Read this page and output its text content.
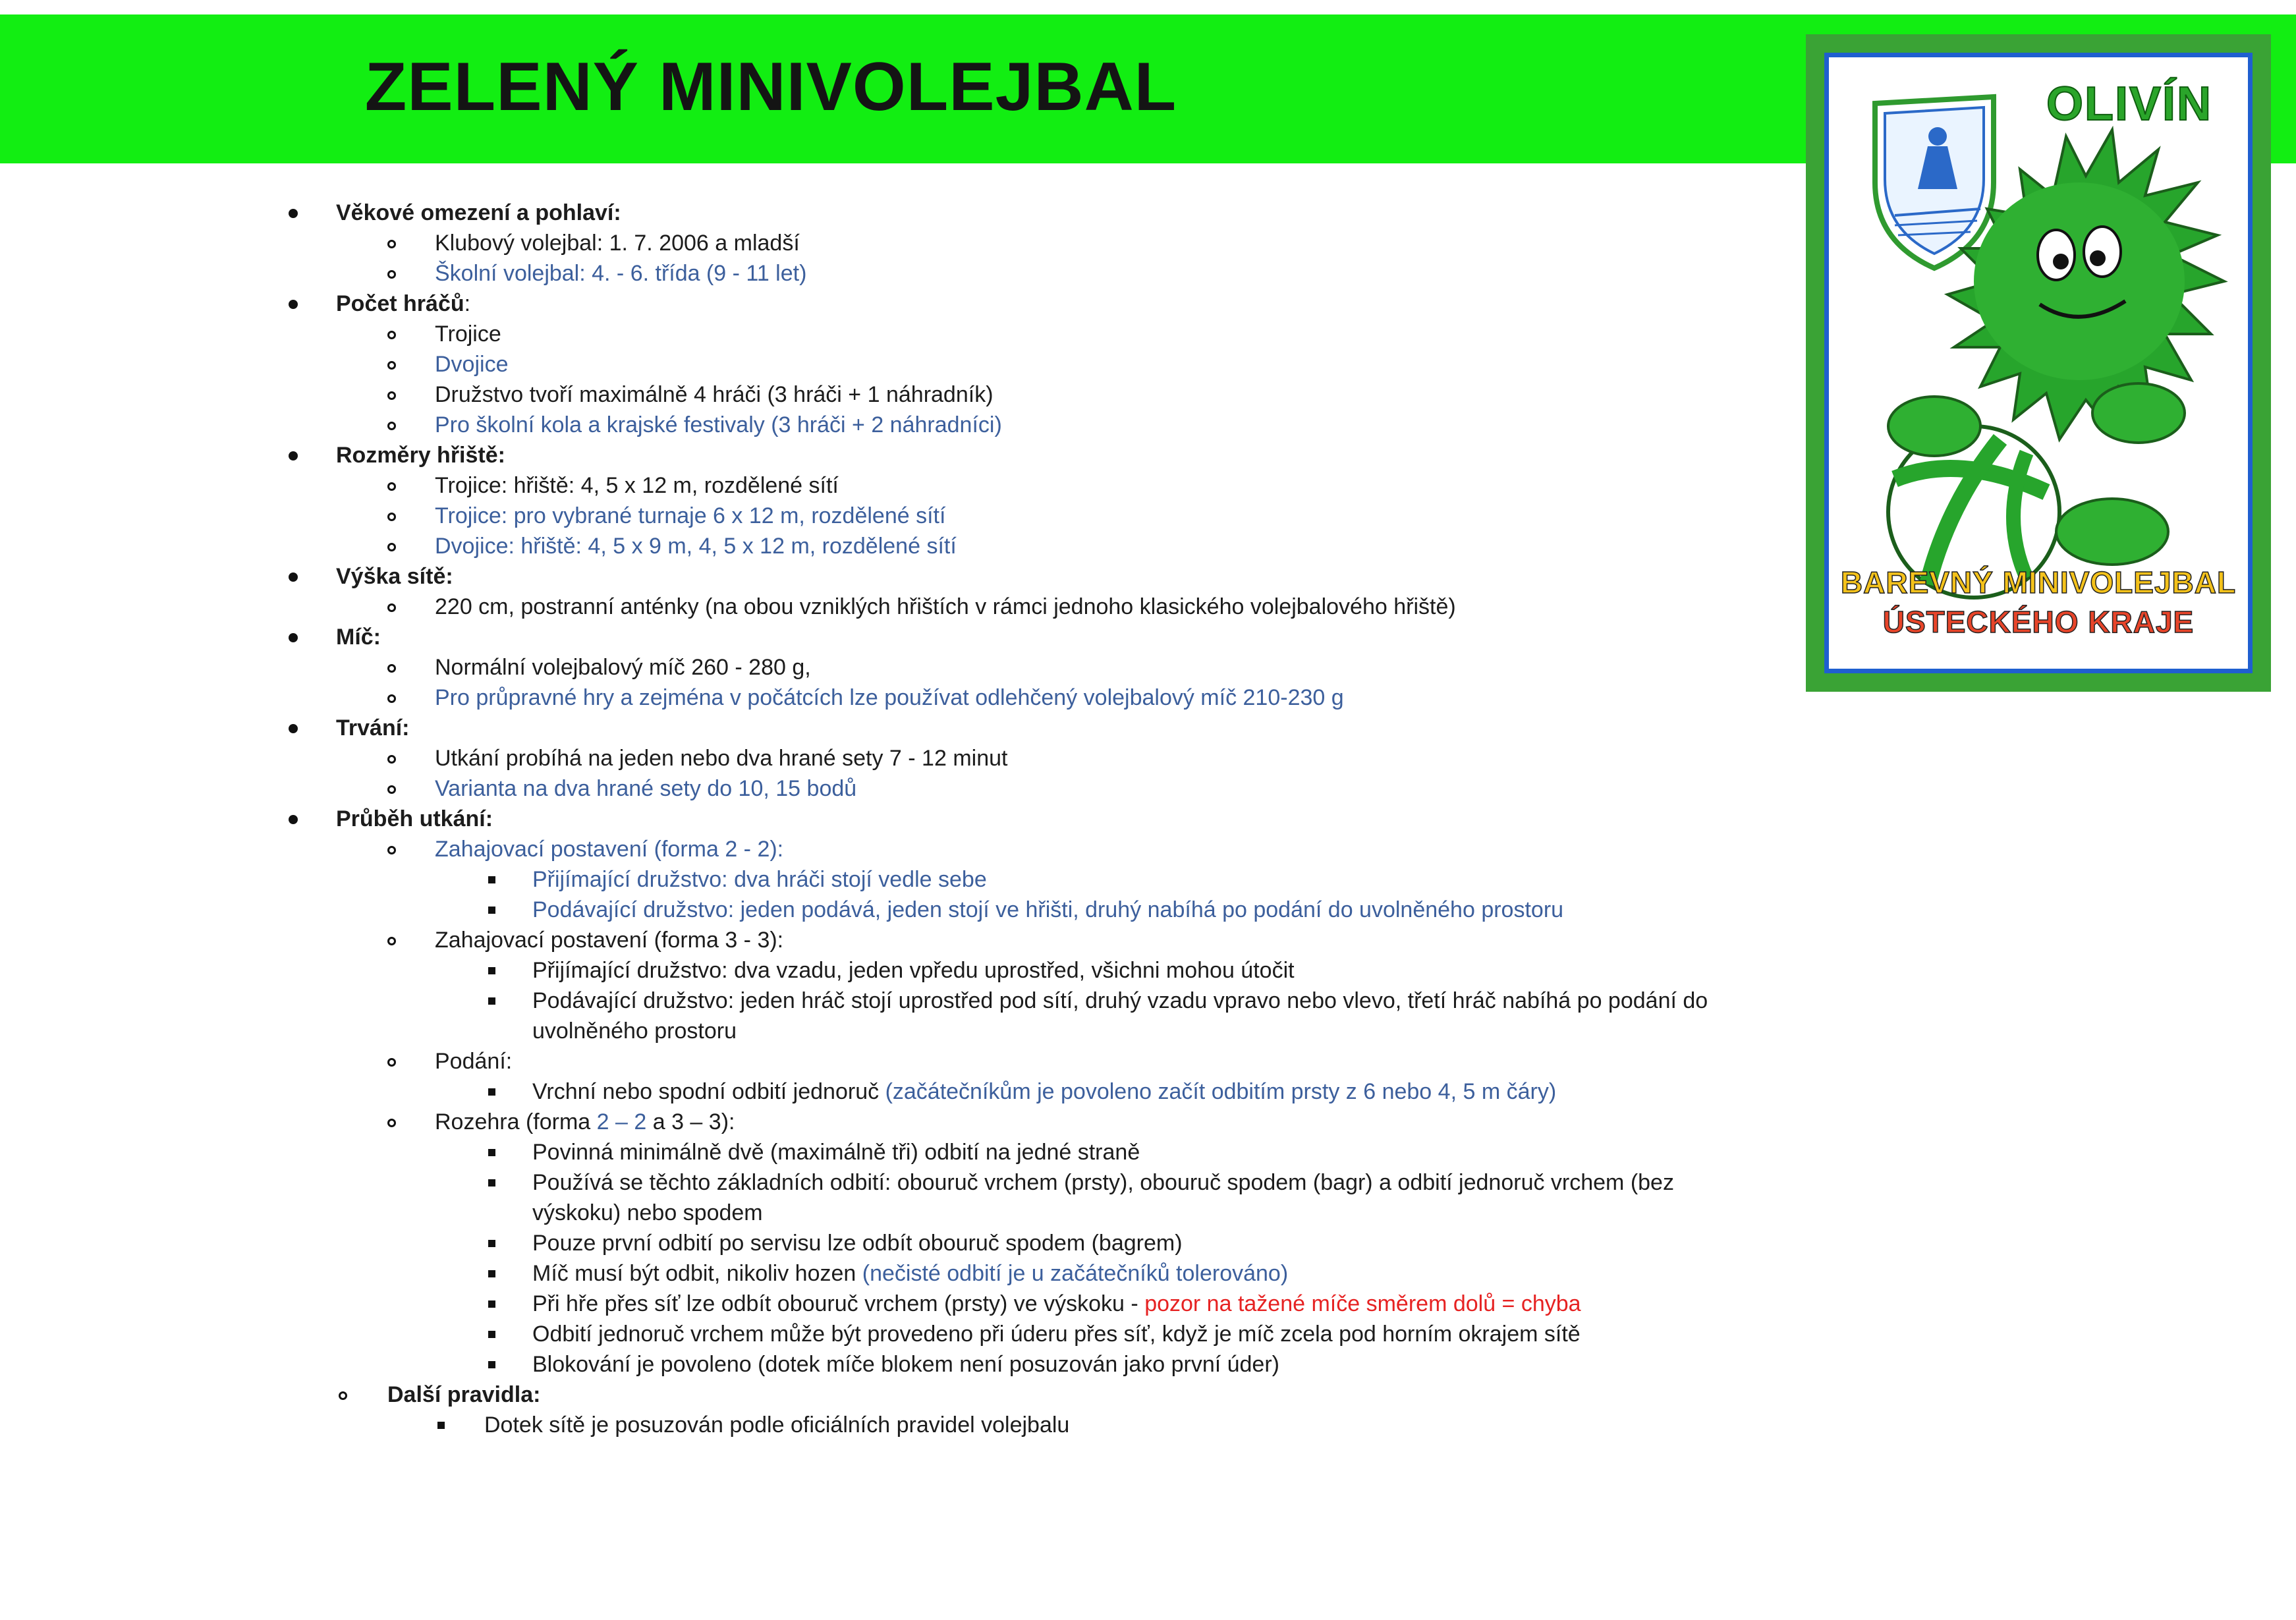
ZELENÝ MINIVOLEJBAL	OLIVÍN
BAREVNÝ MINIVOLEJBAL
ÚSTECKÉHO KRAJE
Věkové omezení a pohlaví:
Klubový volejbal: 1. 7. 2006 a mladší
Školní volejbal: 4. - 6. třída (9 - 11 let)
Počet hráčů:
Trojice
Dvojice
Družstvo tvoří maximálně 4 hráči (3 hráči + 1 náhradník)
Pro školní kola a krajské festivaly (3 hráči + 2 náhradníci)
Rozměry hřiště:
Trojice: hřiště: 4, 5 x 12 m, rozdělené sítí
Trojice: pro vybrané turnaje 6 x 12 m, rozdělené sítí
Dvojice: hřiště: 4, 5 x 9 m, 4, 5 x 12 m, rozdělené sítí
Výška sítě:
220 cm, postranní anténky (na obou vzniklých hřištích v rámci jednoho klasického volejbalového hřiště)
Míč:
Normální volejbalový míč 260 - 280 g,
Pro průpravné hry a zejména v počátcích lze používat odlehčený volejbalový míč 210-230 g
Trvání:
Utkání probíhá na jeden nebo dva hrané sety 7 - 12 minut
Varianta na dva hrané sety do 10, 15 bodů
Průběh utkání:
Zahajovací postavení (forma 2 - 2):
Přijímající družstvo: dva hráči stojí vedle sebe
Podávající družstvo: jeden podává, jeden stojí ve hřišti, druhý nabíhá po podání do uvolněného prostoru
Zahajovací postavení (forma 3 - 3):
Přijímající družstvo: dva vzadu, jeden vpředu uprostřed, všichni mohou útočit
Podávající družstvo: jeden hráč stojí uprostřed pod sítí, druhý vzadu vpravo nebo vlevo, třetí hráč nabíhá po podání do
uvolněného prostoru
Podání:
Vrchní nebo spodní odbití jednoruč (začátečníkům je povoleno začít odbitím prsty z 6 nebo 4, 5 m čáry)
Rozehra (forma 2 – 2 a 3 – 3):
Povinná minimálně dvě (maximálně tři) odbití na jedné straně
Používá se těchto základních odbití: obouruč vrchem (prsty), obouruč spodem (bagr) a odbití jednoruč vrchem (bez
výskoku) nebo spodem
Pouze první odbití po servisu lze odbít obouruč spodem (bagrem)
Míč musí být odbit, nikoliv hozen (nečisté odbití je u začátečníků tolerováno)
Při hře přes síť lze odbít obouruč vrchem (prsty) ve výskoku - pozor na tažené míče směrem dolů = chyba
Odbití jednoruč vrchem může být provedeno při úderu přes síť, když je míč zcela pod horním okrajem sítě
Blokování je povoleno (dotek míče blokem není posuzován jako první úder)
Další pravidla:
Dotek sítě je posuzován podle oficiálních pravidel volejbalu
